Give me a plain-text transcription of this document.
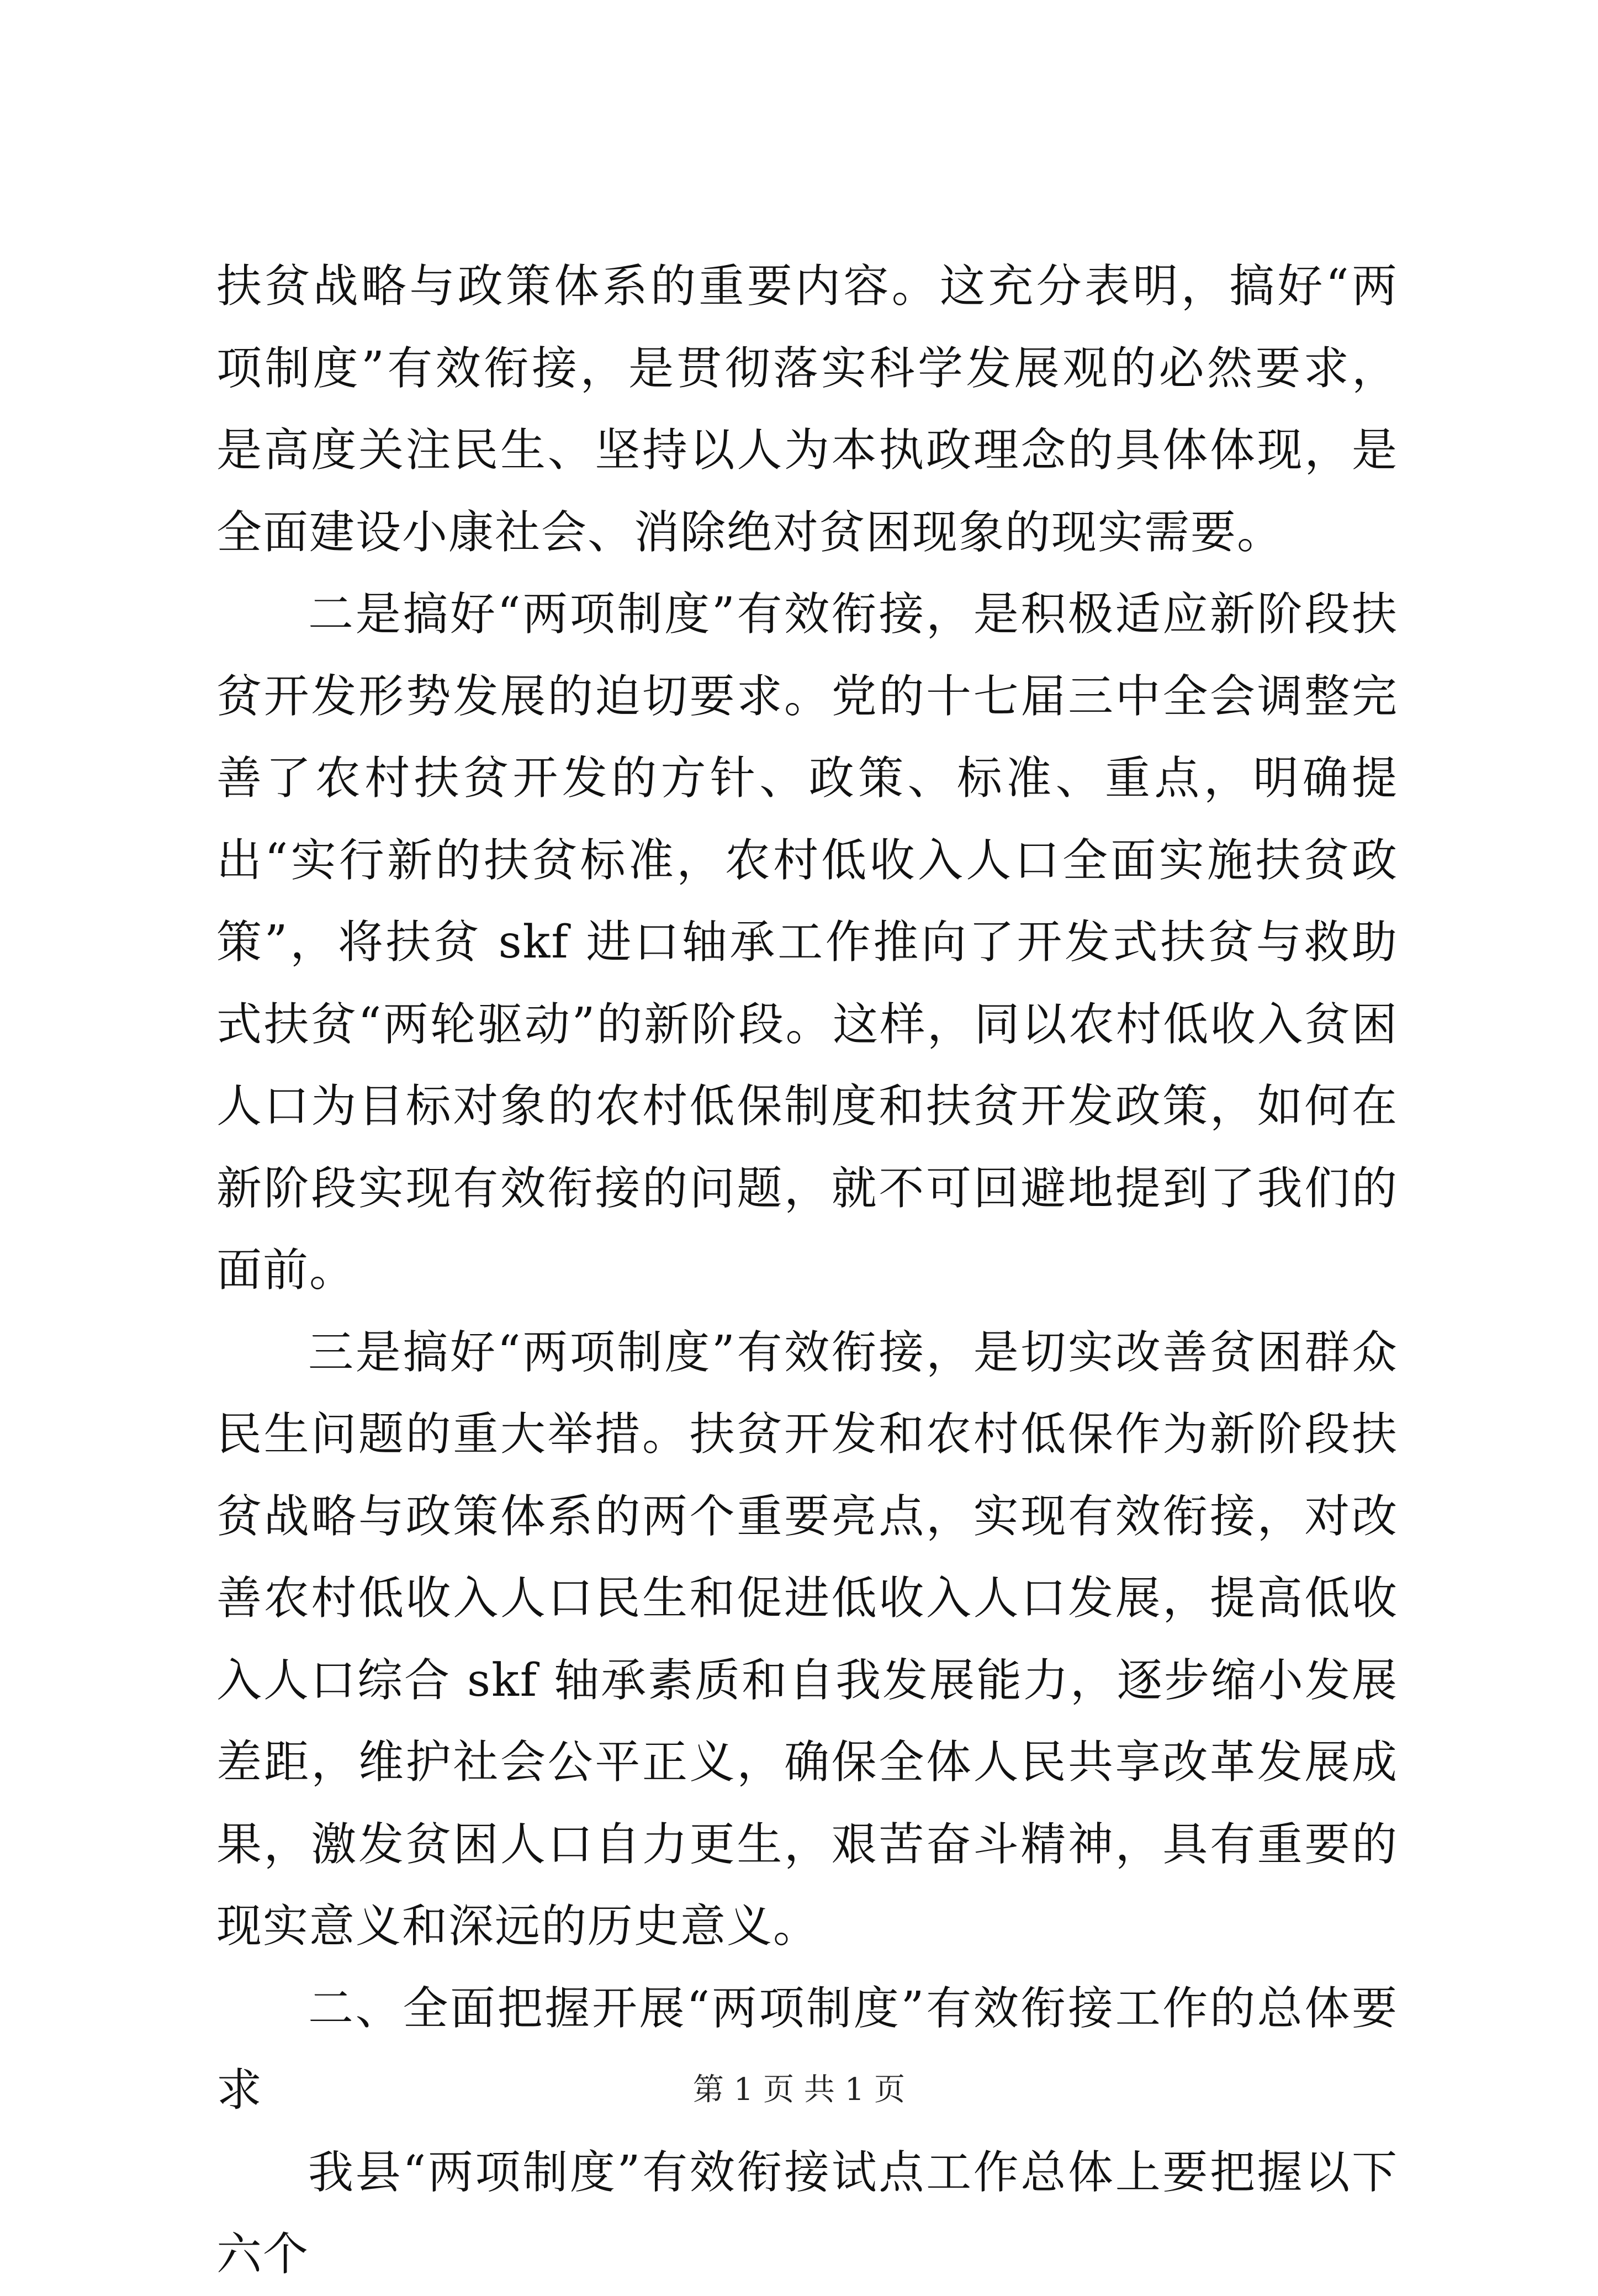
扶贫战略与政策体系的重要内容。这充分表明，搞好“两项制度”有效衔接，是贯彻落实科学发展观的必然要求，是高度关注民生、坚持以人为本执政理念的具体体现，是全面建设小康社会、消除绝对贫困现象的现实需要。

二是搞好“两项制度”有效衔接，是积极适应新阶段扶贫开发形势发展的迫切要求。党的十七届三中全会调整完善了农村扶贫开发的方针、政策、标准、重点，明确提出“实行新的扶贫标准，农村低收入人口全面实施扶贫政策”，将扶贫 skf 进口轴承工作推向了开发式扶贫与救助式扶贫“两轮驱动”的新阶段。这样，同以农村低收入贫困人口为目标对象的农村低保制度和扶贫开发政策，如何在新阶段实现有效衔接的问题，就不可回避地提到了我们的面前。

三是搞好“两项制度”有效衔接，是切实改善贫困群众民生问题的重大举措。扶贫开发和农村低保作为新阶段扶贫战略与政策体系的两个重要亮点，实现有效衔接，对改善农村低收入人口民生和促进低收入人口发展，提高低收入人口综合 skf 轴承素质和自我发展能力，逐步缩小发展差距，维护社会公平正义，确保全体人民共享改革发展成果，激发贫困人口自力更生，艰苦奋斗精神，具有重要的现实意义和深远的历史意义。

二、全面把握开展“两项制度”有效衔接工作的总体要求

我县“两项制度”有效衔接试点工作总体上要把握以下六个

第 1 页 共 1 页
